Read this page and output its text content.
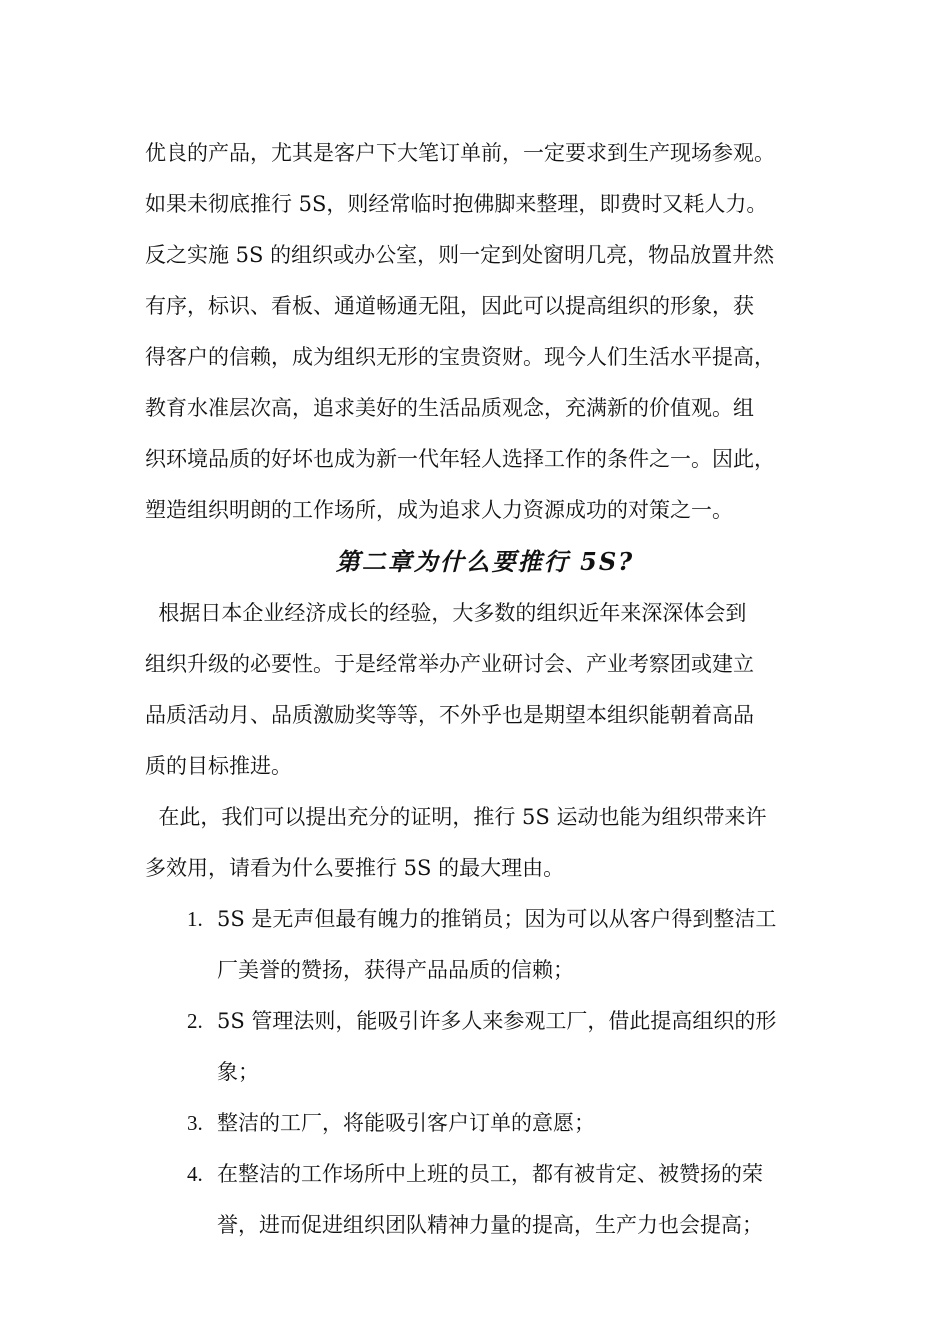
优良的产品，尤其是客户下大笔订单前，一定要求到生产现场参观。
如果未彻底推行 5S，则经常临时抱佛脚来整理，即费时又耗人力。
反之实施 5S 的组织或办公室，则一定到处窗明几亮，物品放置井然
有序，标识、看板、通道畅通无阻，因此可以提高组织的形象，获
得客户的信赖，成为组织无形的宝贵资财。现今人们生活水平提高，
教育水准层次高，追求美好的生活品质观念，充满新的价值观。组
织环境品质的好坏也成为新一代年轻人选择工作的条件之一。因此，
塑造组织明朗的工作场所，成为追求人力资源成功的对策之一。
第二章为什么要推行 5S?
根据日本企业经济成长的经验，大多数的组织近年来深深体会到
组织升级的必要性。于是经常举办产业研讨会、产业考察团或建立
品质活动月、品质激励奖等等，不外乎也是期望本组织能朝着高品
质的目标推进。
在此，我们可以提出充分的证明，推行 5S 运动也能为组织带来许
多效用，请看为什么要推行 5S 的最大理由。
1. 5S 是无声但最有魄力的推销员；因为可以从客户得到整洁工
厂美誉的赞扬，获得产品品质的信赖；
2. 5S 管理法则，能吸引许多人来参观工厂，借此提高组织的形
象；
3. 整洁的工厂，将能吸引客户订单的意愿；
4. 在整洁的工作场所中上班的员工，都有被肯定、被赞扬的荣
誉，进而促进组织团队精神力量的提高，生产力也会提高；
